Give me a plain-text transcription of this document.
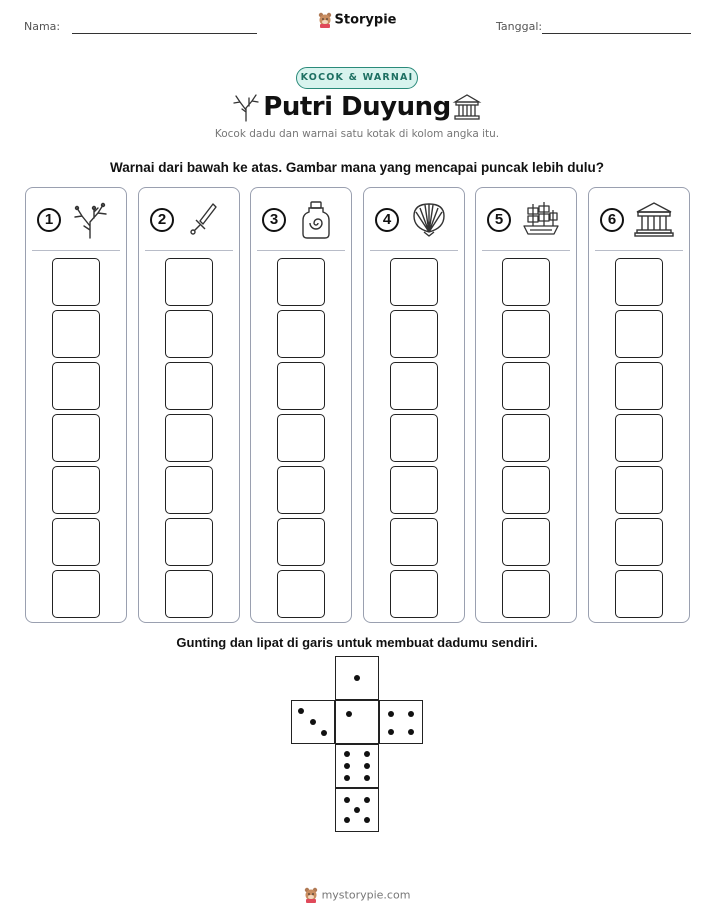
Nama:	Storypie	Tanggal:
KOCOK & WARNAI
Putri Duyung
Kocok dadu dan warnai satu kotak di kolom angka itu.
Warnai dari bawah ke atas. Gambar mana yang mencapai puncak lebih dulu?
1	2	3	4	5	6
Gunting dan lipat di garis untuk membuat dadumu sendiri.
mystorypie.com
